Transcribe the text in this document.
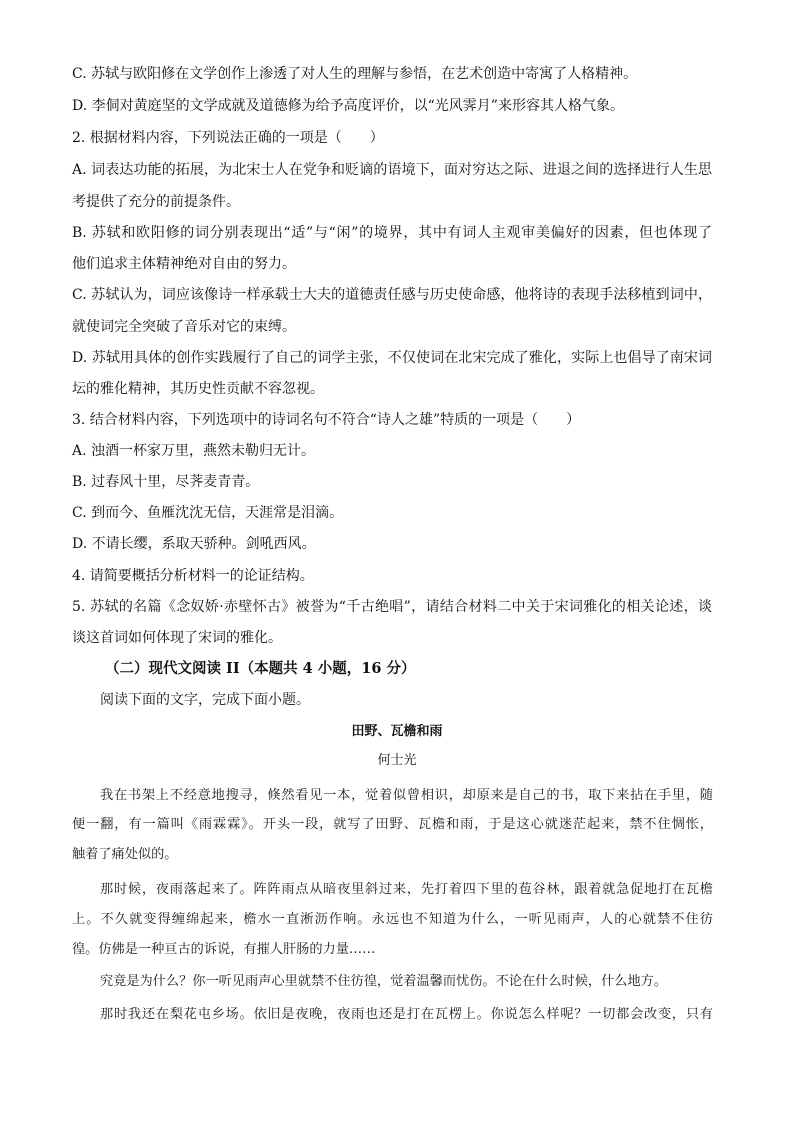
C. 苏轼与欧阳修在文学创作上渗透了对人生的理解与参悟，在艺术创造中寄寓了人格精神。
D. 李侗对黄庭坚的文学成就及道德修为给予高度评价，以“光风霁月”来形容其人格气象。
2. 根据材料内容，下列说法正确的一项是（　　）
A. 词表达功能的拓展，为北宋士人在党争和贬谪的语境下，面对穷达之际、进退之间的选择进行人生思
考提供了充分的前提条件。
B. 苏轼和欧阳修的词分别表现出“适”与“闲”的境界，其中有词人主观审美偏好的因素，但也体现了
他们追求主体精神绝对自由的努力。
C. 苏轼认为，词应该像诗一样承载士大夫的道德责任感与历史使命感，他将诗的表现手法移植到词中，
就使词完全突破了音乐对它的束缚。
D. 苏轼用具体的创作实践履行了自己的词学主张，不仅使词在北宋完成了雅化，实际上也倡导了南宋词
坛的雅化精神，其历史性贡献不容忽视。
3. 结合材料内容，下列选项中的诗词名句不符合“诗人之雄”特质的一项是（　　）
A. 浊酒一杯家万里，燕然未勒归无计。
B. 过春风十里，尽荠麦青青。
C. 到而今、鱼雁沈沈无信，天涯常是泪滴。
D. 不请长缨，系取天骄种。剑吼西风。
4. 请简要概括分析材料一的论证结构。
5. 苏轼的名篇《念奴娇·赤壁怀古》被誉为“千古绝唱”，请结合材料二中关于宋词雅化的相关论述，谈
谈这首词如何体现了宋词的雅化。
（二）现代文阅读 II（本题共 4 小题，16 分）
阅读下面的文字，完成下面小题。
田野、瓦檐和雨
何士光
我在书架上不经意地搜寻，倏然看见一本，觉着似曾相识，却原来是自己的书，取下来拈在手里，随
便一翻，有一篇叫《雨霖霖》。开头一段，就写了田野、瓦檐和雨，于是这心就迷茫起来，禁不住惆怅，
触着了痛处似的。
那时候，夜雨落起来了。阵阵雨点从暗夜里斜过来，先打着四下里的苞谷林，跟着就急促地打在瓦檐
上。不久就变得缠绵起来，檐水一直淅沥作响。永远也不知道为什么，一听见雨声，人的心就禁不住彷
徨。仿佛是一种亘古的诉说，有摧人肝肠的力量……
究竟是为什么？你一听见雨声心里就禁不住彷徨，觉着温馨而忧伤。不论在什么时候，什么地方。
那时我还在梨花屯乡场。依旧是夜晚，夜雨也还是打在瓦楞上。你说怎么样呢？一切都会改变，只有
